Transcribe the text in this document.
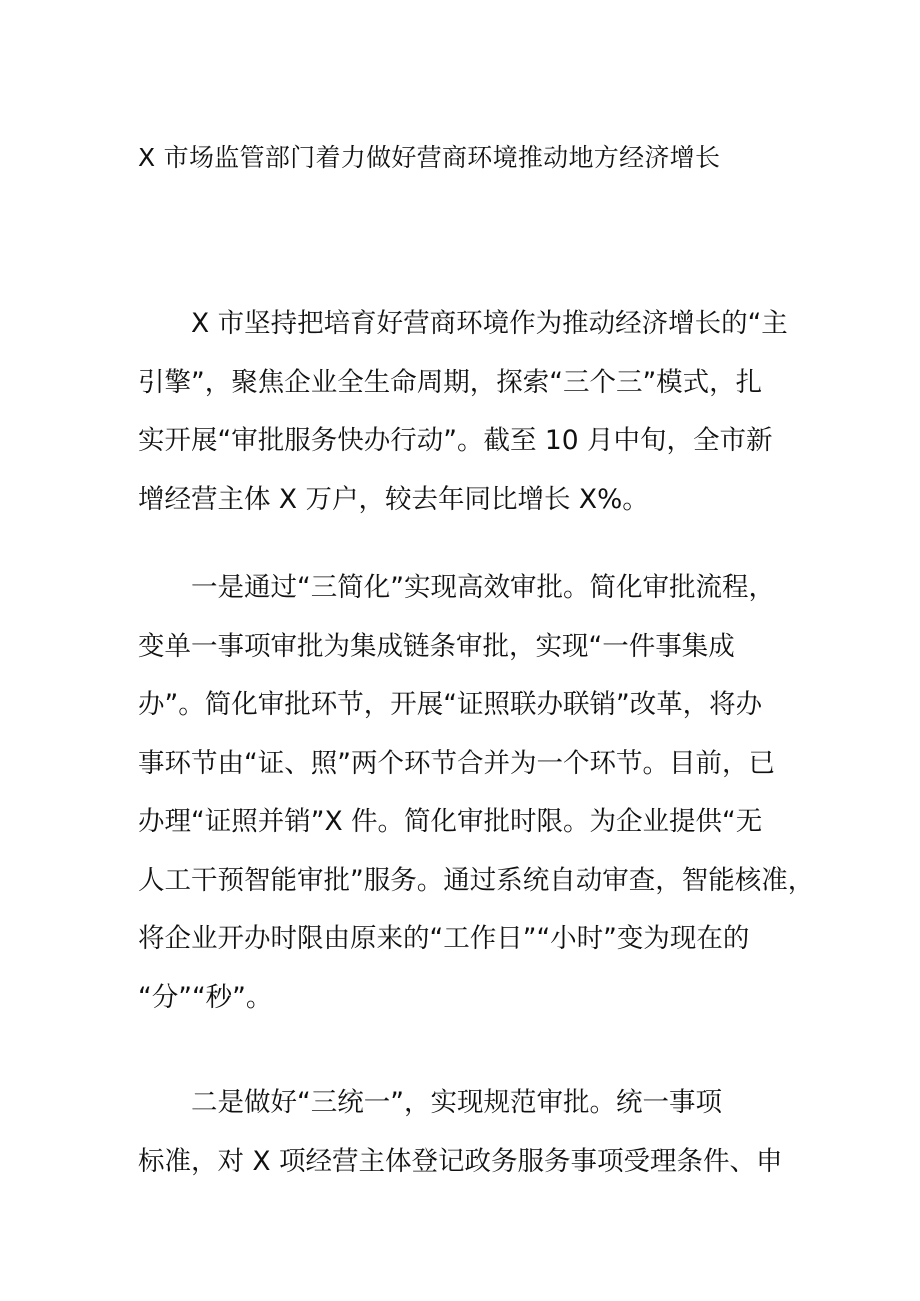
X 市场监管部门着力做好营商环境推动地方经济增长
　　X 市坚持把培育好营商环境作为推动经济增长的“主
引擎”，聚焦企业全生命周期，探索“三个三”模式，扎
实开展“审批服务快办行动”。截至 10 月中旬，全市新
增经营主体 X 万户，较去年同比增长 X%。
　　一是通过“三简化”实现高效审批。简化审批流程，
变单一事项审批为集成链条审批，实现“一件事集成
办”。简化审批环节，开展“证照联办联销”改革，将办
事环节由“证、照”两个环节合并为一个环节。目前，已
办理“证照并销”X 件。简化审批时限。为企业提供“无
人工干预智能审批”服务。通过系统自动审查，智能核准，
将企业开办时限由原来的“工作日”“小时”变为现在的
“分”“秒”。
　　二是做好“三统一”，实现规范审批。统一事项
标准，对 X 项经营主体登记政务服务事项受理条件、申
